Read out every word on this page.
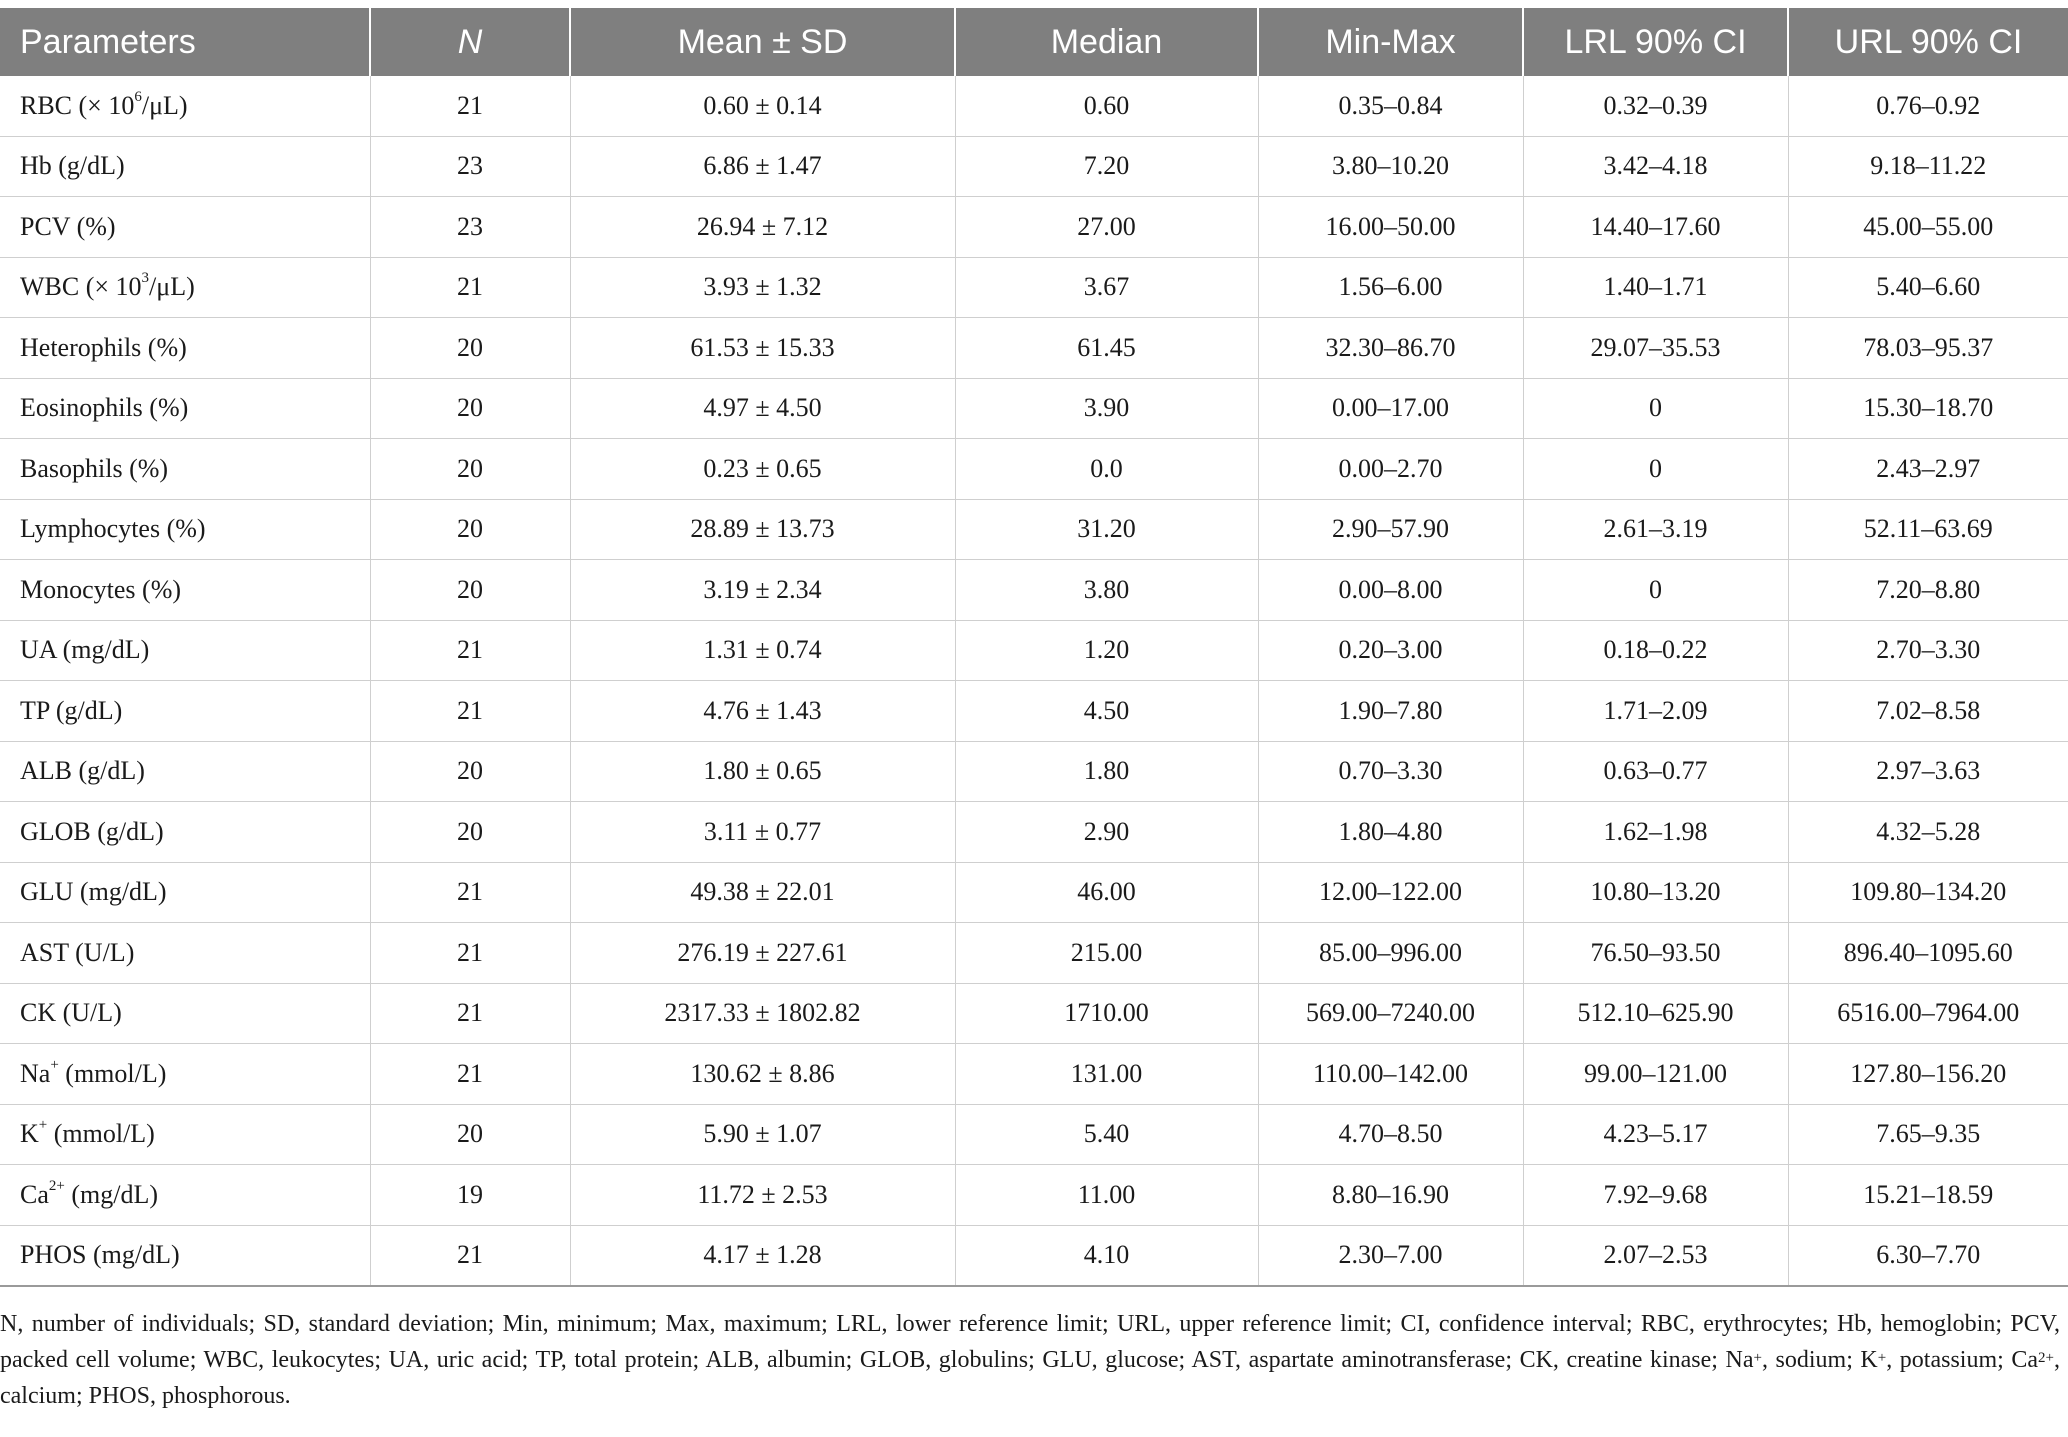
Parameters	N	Mean ± SD	Median	Min-Max	LRL 90% CI	URL 90% CI
RBC (× $10^6/\mu L$)	21	0.60 ± 0.14	0.60	0.35–0.84	0.32–0.39	0.76–0.92
Hb (g/dL)	23	6.86 ± 1.47	7.20	3.80–10.20	3.42–4.18	9.18–11.22
PCV (%)	23	26.94 ± 7.12	27.00	16.00–50.00	14.40–17.60	45.00–55.00
WBC (× $10^3/\mu L$)	21	3.93 ± 1.32	3.67	1.56–6.00	1.40–1.71	5.40–6.60
Heterophils (%)	20	61.53 ± 15.33	61.45	32.30–86.70	29.07–35.53	78.03–95.37
Eosinophils (%)	20	4.97 ± 4.50	3.90	0.00–17.00	0	15.30–18.70
Basophils (%)	20	0.23 ± 0.65	0.0	0.00–2.70	0	2.43–2.97
Lymphocytes (%)	20	28.89 ± 13.73	31.20	2.90–57.90	2.61–3.19	52.11–63.69
Monocytes (%)	20	3.19 ± 2.34	3.80	0.00–8.00	0	7.20–8.80
UA (mg/dL)	21	1.31 ± 0.74	1.20	0.20–3.00	0.18–0.22	2.70–3.30
TP (g/dL)	21	4.76 ± 1.43	4.50	1.90–7.80	1.71–2.09	7.02–8.58
ALB (g/dL)	20	1.80 ± 0.65	1.80	0.70–3.30	0.63–0.77	2.97–3.63
GLOB (g/dL)	20	3.11 ± 0.77	2.90	1.80–4.80	1.62–1.98	4.32–5.28
GLU (mg/dL)	21	49.38 ± 22.01	46.00	12.00–122.00	10.80–13.20	109.80–134.20
AST (U/L)	21	276.19 ± 227.61	215.00	85.00–996.00	76.50–93.50	896.40–1095.60
CK (U/L)	21	2317.33 ± 1802.82	1710.00	569.00–7240.00	512.10–625.90	6516.00–7964.00
Na+ (mmol/L)	21	130.62 ± 8.86	131.00	110.00–142.00	99.00–121.00	127.80–156.20
K+ (mmol/L)	20	5.90 ± 1.07	5.40	4.70–8.50	4.23–5.17	7.65–9.35
$Ca^{2+}$ (mg/dL)	19	11.72 ± 2.53	11.00	8.80–16.90	7.92–9.68	15.21–18.59
PHOS (mg/dL)	21	4.17 ± 1.28	4.10	2.30–7.00	2.07–2.53	6.30–7.70

N, number of individuals; SD, standard deviation; Min, minimum; Max, maximum; LRL, lower reference limit; URL, upper reference limit; CI, confidence interval; RBC, erythrocytes; Hb, hemoglobin; PCV, packed cell volume; WBC, leukocytes; UA, uric acid; TP, total protein; ALB, albumin; GLOB, globulins; GLU, glucose; AST, aspartate aminotransferase; CK, creatine kinase; Na+, sodium; K+, potassium; $Ca^{2+}$, calcium; PHOS, phosphorous.
